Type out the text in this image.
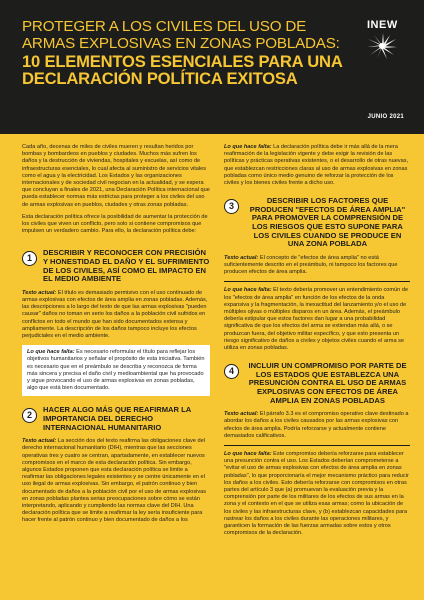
PROTEGER A LOS CIVILES DEL USO DE ARMAS EXPLOSIVAS EN ZONAS POBLADAS:
10 ELEMENTOS ESENCIALES PARA UNA DECLARACIÓN POLÍTICA EXITOSA
INEW
JUNIO 2021

Cada año, decenas de miles de civiles mueren y resultan heridos por bombas y bombardeos en pueblos y ciudades. Muchos más sufren los daños y la destrucción de viviendas, hospitales y escuelas, así como de infraestructuras esenciales, lo cual afecta al suministro de servicios vitales como el agua y la electricidad. Los Estados y las organizaciones internacionales y de sociedad civil negocian en la actualidad, y se espera que concluyan a finales de 2021, una Declaración Política internacional que pueda establecer normas más estrictas para proteger a los civiles del uso de armas explosivas en pueblos, ciudades y otras zonas pobladas.

Esta declaración política ofrece la posibilidad de aumentar la protección de los civiles que viven un conflicto, pero solo si contiene compromisos que impulsen un verdadero cambio. Para ello, la declaración política debe:

1
DESCRIBIR Y RECONOCER CON PRECISIÓN Y HONESTIDAD EL DAÑO Y EL SUFRIMIENTO DE LOS CIVILES, ASÍ COMO EL IMPACTO EN EL MEDIO AMBIENTE

Texto actual: El título es demasiado permisivo con el uso continuado de armas explosivas con efectos de área amplia en zonas pobladas. Además, las descripciones a lo largo del texto de que las armas explosivas "pueden causar" daños no toman en serio los daños a la población civil sufridos en conflictos en todo el mundo que han sido documentados extensa y ampliamente. La descripción de los daños tampoco incluye los efectos perjudiciales en el medio ambiente.

Lo que hace falta: Es necesario reformular el título para reflejar los objetivos humanitarios y señalar el propósito de esta iniciativa. También es necesario que en el preámbulo se describa y reconozca de forma más sincera y precisa el daño civil y medioambiental que ha provocado y sigue provocando el uso de armas explosivas en zonas pobladas, algo que está bien documentado.
2
HACER ALGO MÁS QUE REAFIRMAR LA IMPORTANCIA DEL DERECHO INTERNACIONAL HUMANITARIO

Texto actual: La sección dos del texto reafirma las obligaciones clave del derecho internacional humanitario (DIH), mientras que las secciones operativas tres y cuatro se centran, apartadamente, en establecer nuevos compromisos en el marco de esta declaración política. Sin embargo, algunos Estados proponen que esta declaración política se limite a reafirmar las obligaciones legales existentes y se centre únicamente en el uso ilegal de armas explosivas. Sin embargo, el patrón continuo y bien documentado de daños a la población civil por el uso de armas explosivas en zonas pobladas plantea serias preocupaciones sobre cómo se están interpretando, aplicando y cumpliendo las normas clave del DIH. Una declaración política que se limite a reafirmar la ley sería insuficiente para hacer frente al patrón continuo y bien documentado de daños a los

Lo que hace falta: La declaración política debe ir más allá de la mera reafirmación de la legislación vigente y debe exigir la revisión de las políticas y prácticas operativas existentes, o el desarrollo de otras nuevas, que establezcan restricciones claras al uso de armas explosivas en zonas pobladas como único medio genuino de reforzar la protección de los civiles y los bienes civiles frente a dicho uso.

3
DESCRIBIR LOS FACTORES QUE PRODUCEN "EFECTOS DE ÁREA AMPLIA" PARA PROMOVER LA COMPRENSIÓN DE LOS RIESGOS QUE ESTO SUPONE PARA LOS CIVILES CUANDO SE PRODUCE EN UNA ZONA POBLADA

Texto actual: El concepto de "efectos de área amplia" no está suficientemente descrito en el preámbulo, ni tampoco los factores que producen efectos de área amplia.

Lo que hace falta: El texto debería promover un entendimiento común de los "efectos de área amplia" en función de los efectos de la onda expansiva y la fragmentación, la inexactitud del lanzamiento y/o el uso de múltiples ojivas o múltiples disparos en un área. Además, el preámbulo debería estipular que estos factores dan lugar a una probabilidad significativa de que los efectos del arma se extiendan más allá, o se produzcan fuera, del objetivo militar específico, y que esto presenta un riesgo significativo de daños a civiles y objetos civiles cuando el arma se utiliza en zonas pobladas.

4
INCLUIR UN COMPROMISO POR PARTE DE LOS ESTADOS QUE ESTABLEZCA UNA PRESUNCIÓN CONTRA EL USO DE ARMAS EXPLOSIVAS CON EFECTOS DE ÁREA AMPLIA EN ZONAS POBLADAS

Texto actual: El párrafo 3.3 es el compromiso operativo clave destinado a abordar los daños a los civiles causados por las armas explosivas con efectos de área amplia. Podría reforzarse y actualmente contiene demasiados calificativos.

Lo que hace falta: Este compromiso debería reforzarse para establecer una presunción contra el uso. Los Estados deberían comprometerse a "evitar el uso de armas explosivas con efectos de área amplia en zonas pobladas", lo que proporcionaría el mejor mecanismo práctico para reducir los daños a los civiles. Esto debería reforzarse con compromisos en otras partes del artículo 3 que (a) promuevan la evaluación previa y la comprensión por parte de los militares de los efectos de sus armas en la zona y el contexto en el que se utiliza esas armas; como la ubicación de los civiles y las infraestructuras clave, y (b) establezcan capacidades para rastrear los daños a los civiles durante las operaciones militares, y garanticen la formación de las fuerzas armadas sobre estos y otros compromisos de la declaración.
